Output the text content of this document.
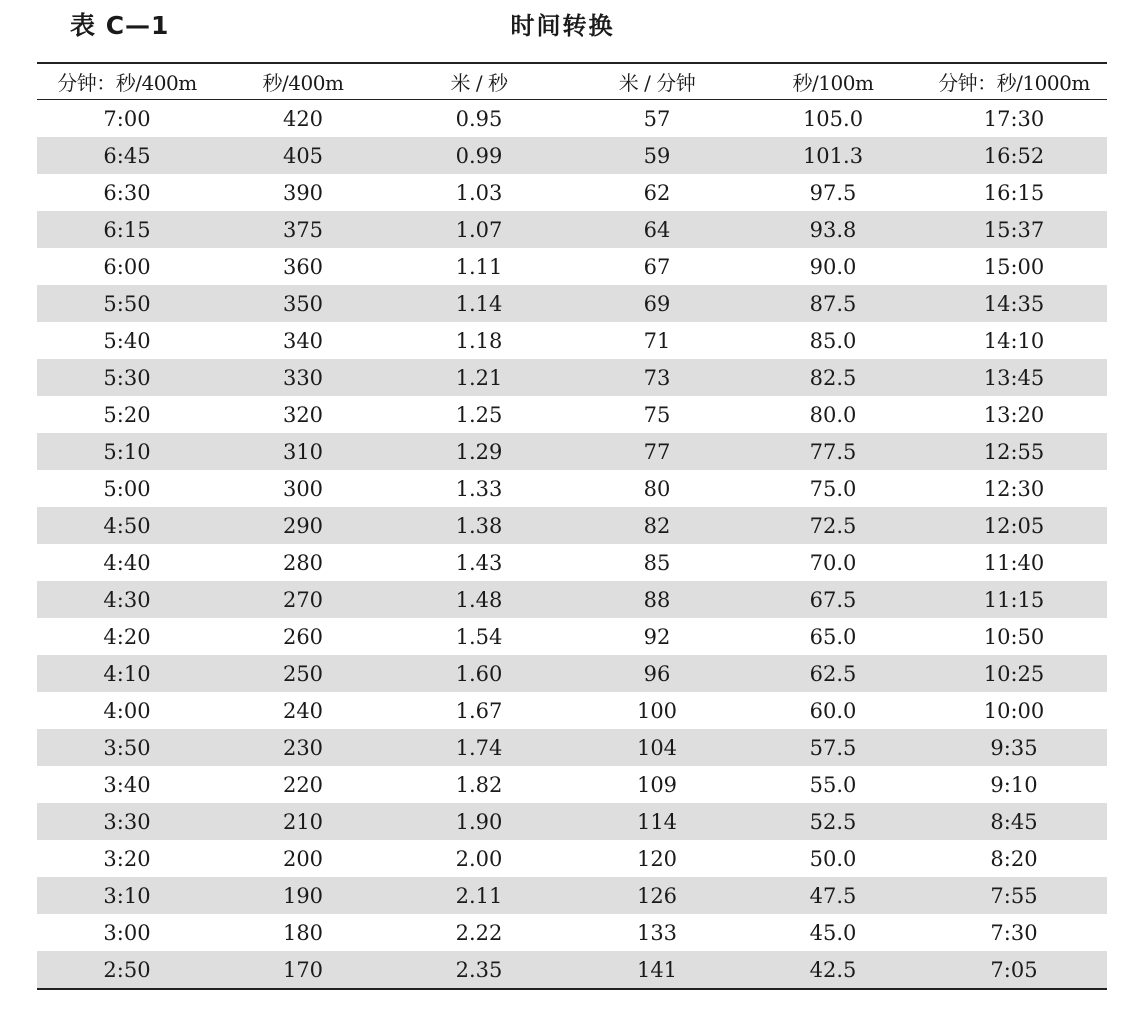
表 C—1	时间转换
分钟：秒/400m	秒/400m	米 / 秒	米 / 分钟	秒/100m	分钟：秒/1000m
7:00	420	0.95	57	105.0	17:30
6:45	405	0.99	59	101.3	16:52
6:30	390	1.03	62	97.5	16:15
6:15	375	1.07	64	93.8	15:37
6:00	360	1.11	67	90.0	15:00
5:50	350	1.14	69	87.5	14:35
5:40	340	1.18	71	85.0	14:10
5:30	330	1.21	73	82.5	13:45
5:20	320	1.25	75	80.0	13:20
5:10	310	1.29	77	77.5	12:55
5:00	300	1.33	80	75.0	12:30
4:50	290	1.38	82	72.5	12:05
4:40	280	1.43	85	70.0	11:40
4:30	270	1.48	88	67.5	11:15
4:20	260	1.54	92	65.0	10:50
4:10	250	1.60	96	62.5	10:25
4:00	240	1.67	100	60.0	10:00
3:50	230	1.74	104	57.5	9:35
3:40	220	1.82	109	55.0	9:10
3:30	210	1.90	114	52.5	8:45
3:20	200	2.00	120	50.0	8:20
3:10	190	2.11	126	47.5	7:55
3:00	180	2.22	133	45.0	7:30
2:50	170	2.35	141	42.5	7:05
